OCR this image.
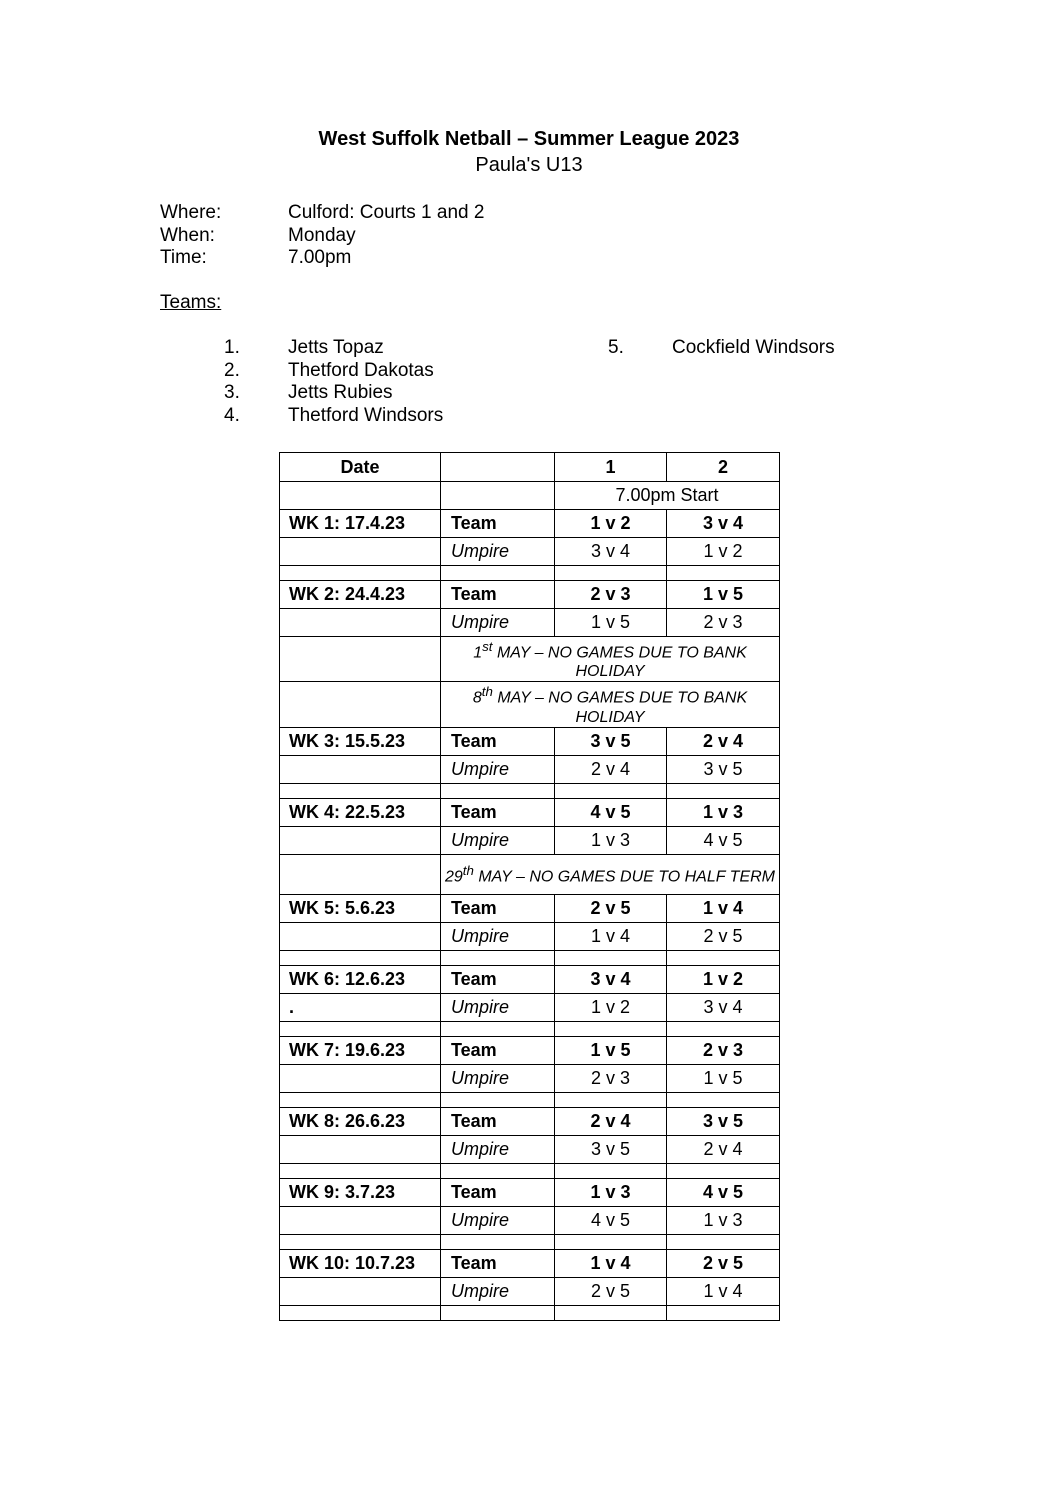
West Suffolk Netball – Summer League 2023
Paula's U13
Where:	Culford: Courts 1 and 2
When:	Monday
Time:	7.00pm
Teams:
1.	Jetts Topaz
2.	Thetford Dakotas
3.	Jetts Rubies
4.	Thetford Windsors
5.	Cockfield Windsors
Date		1	2
		7.00pm Start	
WK 1: 17.4.23	Team	1 v 2	3 v 4
	Umpire	3 v 4	1 v 2

WK 2: 24.4.23	Team	2 v 3	1 v 5
	Umpire	1 v 5	2 v 3
	1st MAY – NO GAMES DUE TO BANK HOLIDAY		
	8th MAY – NO GAMES DUE TO BANK HOLIDAY		
WK 3: 15.5.23	Team	3 v 5	2 v 4
	Umpire	2 v 4	3 v 5

WK 4: 22.5.23	Team	4 v 5	1 v 3
	Umpire	1 v 3	4 v 5
	29th MAY – NO GAMES DUE TO HALF TERM		
WK 5: 5.6.23	Team	2 v 5	1 v 4
	Umpire	1 v 4	2 v 5

WK 6: 12.6.23	Team	3 v 4	1 v 2
.	Umpire	1 v 2	3 v 4

WK 7: 19.6.23	Team	1 v 5	2 v 3
	Umpire	2 v 3	1 v 5

WK 8: 26.6.23	Team	2 v 4	3 v 5
	Umpire	3 v 5	2 v 4

WK 9: 3.7.23	Team	1 v 3	4 v 5
	Umpire	4 v 5	1 v 3

WK 10: 10.7.23	Team	1 v 4	2 v 5
	Umpire	2 v 5	1 v 4
